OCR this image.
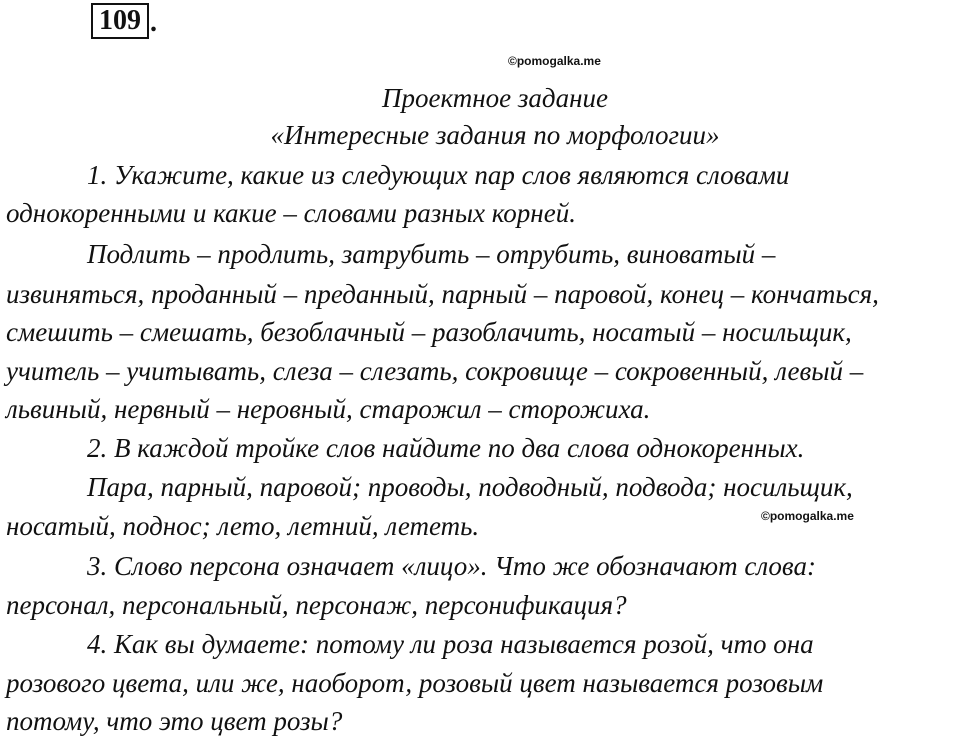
109 .
©pomogalka.me
Проектное задание
«Интересные задания по морфологии»
1. Укажите, какие из следующих пар слов являются словами
однокоренными и какие – словами разных корней.
Подлить – продлить, затрубить – отрубить, виноватый –
извиняться, проданный – преданный, парный – паровой, конец – кончаться,
смешить – смешать, безоблачный – разоблачить, носатый – носильщик,
учитель – учитывать, слеза – слезать, сокровище – сокровенный, левый –
львиный, нервный – неровный, старожил – сторожиха.
2. В каждой тройке слов найдите по два слова однокоренных.
Пара, парный, паровой; проводы, подводный, подвода; носильщик,
носатый, поднос; лето, летний, лететь.	©pomogalka.me
3. Слово персона означает «лицо». Что же обозначают слова:
персонал, персональный, персонаж, персонификация?
4. Как вы думаете: потому ли роза называется розой, что она
розового цвета, или же, наоборот, розовый цвет называется розовым
потому, что это цвет розы?
